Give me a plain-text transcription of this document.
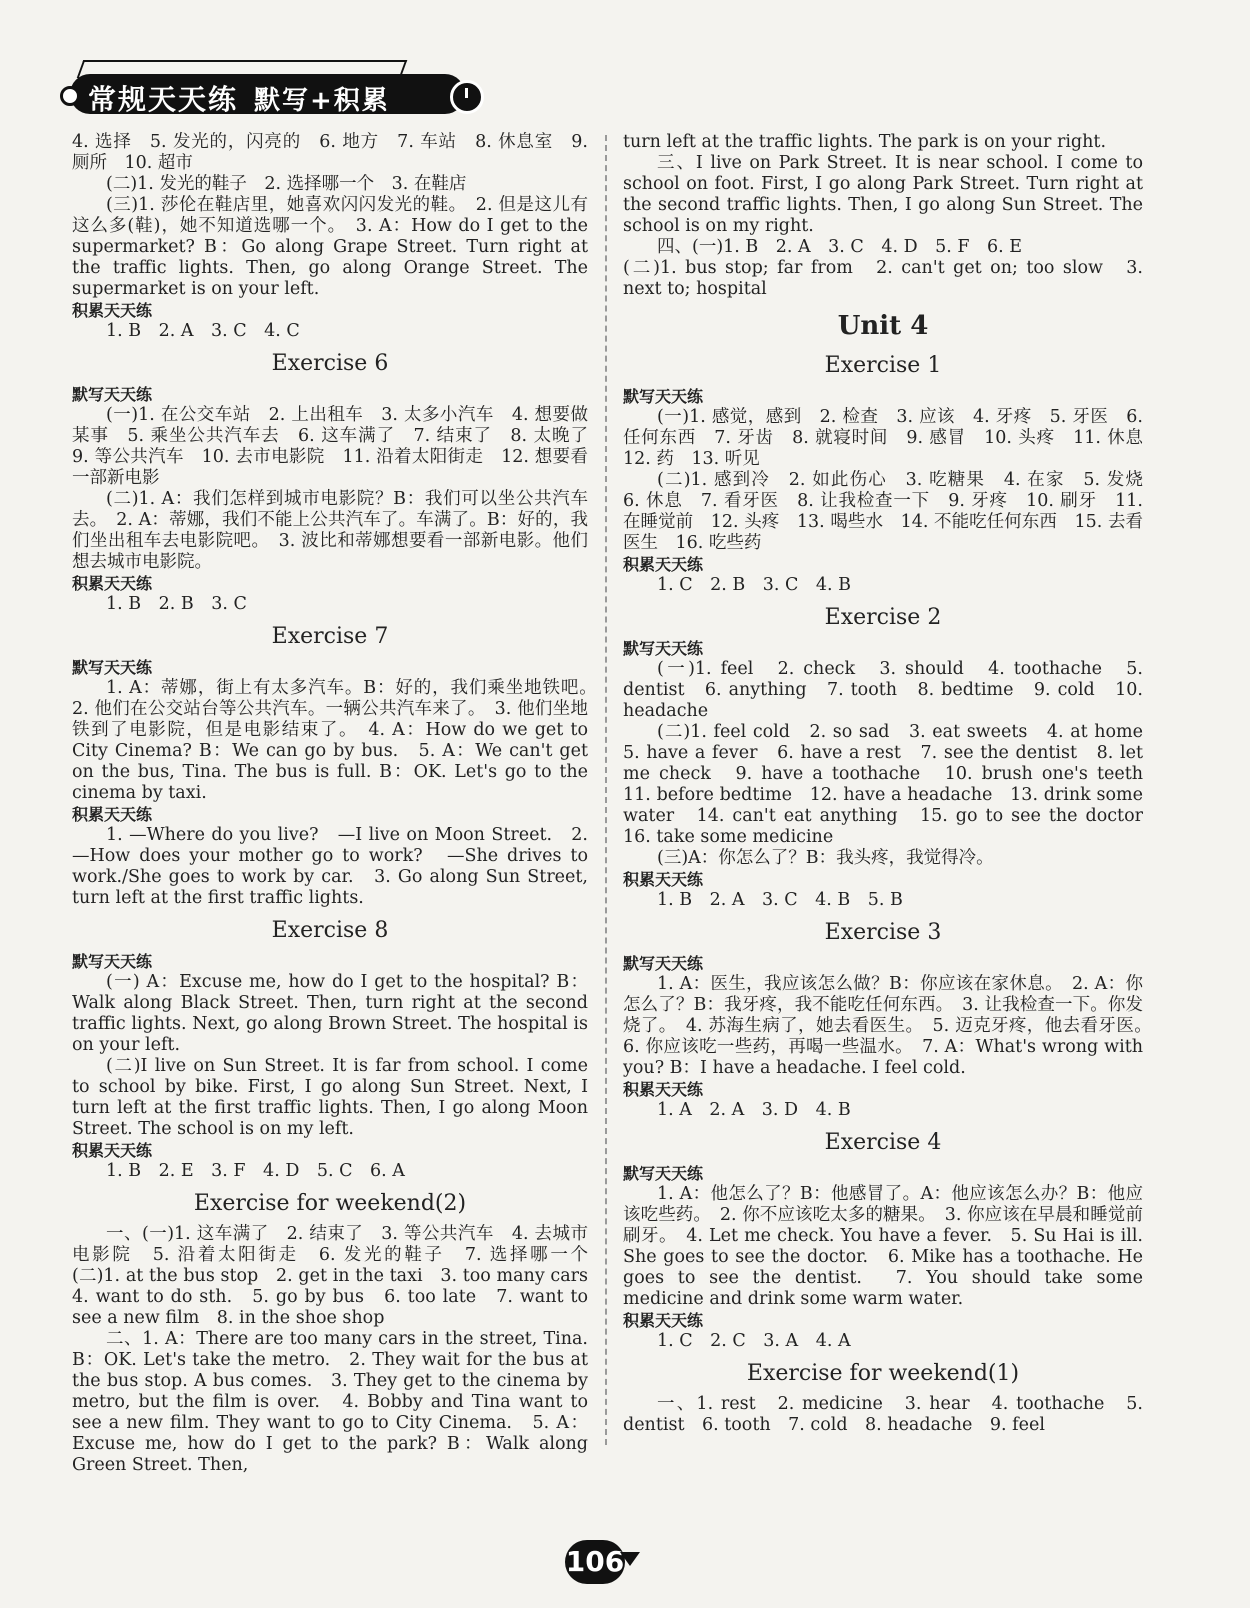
常规天天练 默写+积累

4. 选择　5. 发光的，闪亮的　6. 地方　7. 车站　8. 休息室　9. 厕所　10. 超市

(二)1. 发光的鞋子　2. 选择哪一个　3. 在鞋店

(三)1. 莎伦在鞋店里，她喜欢闪闪发光的鞋。　2. 但是这儿有这么多(鞋)，她不知道选哪一个。　3. A：How do I get to the supermarket? B：Go along Grape Street. Turn right at the traffic lights. Then, go along Orange Street. The supermarket is on your left.

积累天天练

1. B　2. A　3. C　4. C

Exercise 6
默写天天练

(一)1. 在公交车站　2. 上出租车　3. 太多小汽车　4. 想要做某事　5. 乘坐公共汽车去　6. 这车满了　7. 结束了　8. 太晚了　9. 等公共汽车　10. 去市电影院　11. 沿着太阳街走　12. 想要看一部新电影

(二)1. A：我们怎样到城市电影院？B：我们可以坐公共汽车去。　2. A：蒂娜，我们不能上公共汽车了。车满了。B：好的，我们坐出租车去电影院吧。　3. 波比和蒂娜想要看一部新电影。他们想去城市电影院。

积累天天练

1. B　2. B　3. C

Exercise 7
默写天天练

1. A：蒂娜，街上有太多汽车。B：好的，我们乘坐地铁吧。　2. 他们在公交站台等公共汽车。一辆公共汽车来了。　3. 他们坐地铁到了电影院，但是电影结束了。　4. A：How do we get to City Cinema? B：We can go by bus.　5. A：We can't get on the bus, Tina. The bus is full. B：OK. Let's go to the cinema by taxi.

积累天天练

1. —Where do you live?　—I live on Moon Street.　2. —How does your mother go to work?　—She drives to work./She goes to work by car.　3. Go along Sun Street, turn left at the first traffic lights.

Exercise 8
默写天天练

(一) A：Excuse me, how do I get to the hospital? B：Walk along Black Street. Then, turn right at the second traffic lights. Next, go along Brown Street. The hospital is on your left.

(二)I live on Sun Street. It is far from school. I come to school by bike. First, I go along Sun Street. Next, I turn left at the first traffic lights. Then, I go along Moon Street. The school is on my left.

积累天天练

1. B　2. E　3. F　4. D　5. C　6. A

Exercise for weekend(2)

一、(一)1. 这车满了　2. 结束了　3. 等公共汽车　4. 去城市电影院　5. 沿着太阳街走　6. 发光的鞋子　7. 选择哪一个　(二)1. at the bus stop　2. get in the taxi　3. too many cars　4. want to do sth.　5. go by bus　6. too late　7. want to see a new film　8. in the shoe shop

二、1. A：There are too many cars in the street, Tina. B：OK. Let's take the metro.　2. They wait for the bus at the bus stop. A bus comes.　3. They get to the cinema by metro, but the film is over.　4. Bobby and Tina want to see a new film. They want to go to City Cinema.　5. A：Excuse me, how do I get to the park? B：Walk along Green Street. Then,

turn left at the traffic lights. The park is on your right.

三、I live on Park Street. It is near school. I come to school on foot. First, I go along Park Street. Turn right at the second traffic lights. Then, I go along Sun Street. The school is on my right.

四、(一)1. B　2. A　3. C　4. D　5. F　6. E

(二)1. bus stop; far from　2. can't get on; too slow　3. next to; hospital

Unit 4
Exercise 1
默写天天练

(一)1. 感觉，感到　2. 检查　3. 应该　4. 牙疼　5. 牙医　6. 任何东西　7. 牙齿　8. 就寝时间　9. 感冒　10. 头疼　11. 休息　12. 药　13. 听见

(二)1. 感到冷　2. 如此伤心　3. 吃糖果　4. 在家　5. 发烧　6. 休息　7. 看牙医　8. 让我检查一下　9. 牙疼　10. 刷牙　11. 在睡觉前　12. 头疼　13. 喝些水　14. 不能吃任何东西　15. 去看医生　16. 吃些药

积累天天练

1. C　2. B　3. C　4. B

Exercise 2
默写天天练

(一)1. feel　2. check　3. should　4. toothache　5. dentist　6. anything　7. tooth　8. bedtime　9. cold　10. headache

(二)1. feel cold　2. so sad　3. eat sweets　4. at home　5. have a fever　6. have a rest　7. see the dentist　8. let me check　9. have a toothache　10. brush one's teeth　11. before bedtime　12. have a headache　13. drink some water　14. can't eat anything　15. go to see the doctor　16. take some medicine

(三)A：你怎么了？B：我头疼，我觉得冷。

积累天天练

1. B　2. A　3. C　4. B　5. B

Exercise 3
默写天天练

1. A：医生，我应该怎么做？B：你应该在家休息。　2. A：你怎么了？B：我牙疼，我不能吃任何东西。　3. 让我检查一下。你发烧了。　4. 苏海生病了，她去看医生。　5. 迈克牙疼，他去看牙医。　6. 你应该吃一些药，再喝一些温水。　7. A：What's wrong with you? B：I have a headache. I feel cold.

积累天天练

1. A　2. A　3. D　4. B

Exercise 4
默写天天练

1. A：他怎么了？B：他感冒了。A：他应该怎么办？B：他应该吃些药。　2. 你不应该吃太多的糖果。　3. 你应该在早晨和睡觉前刷牙。　4. Let me check. You have a fever.　5. Su Hai is ill. She goes to see the doctor.　6. Mike has a toothache. He goes to see the dentist.　7. You should take some medicine and drink some warm water.

积累天天练

1. C　2. C　3. A　4. A

Exercise for weekend(1)

一、1. rest　2. medicine　3. hear　4. toothache　5. dentist　6. tooth　7. cold　8. headache　9. feel

106
